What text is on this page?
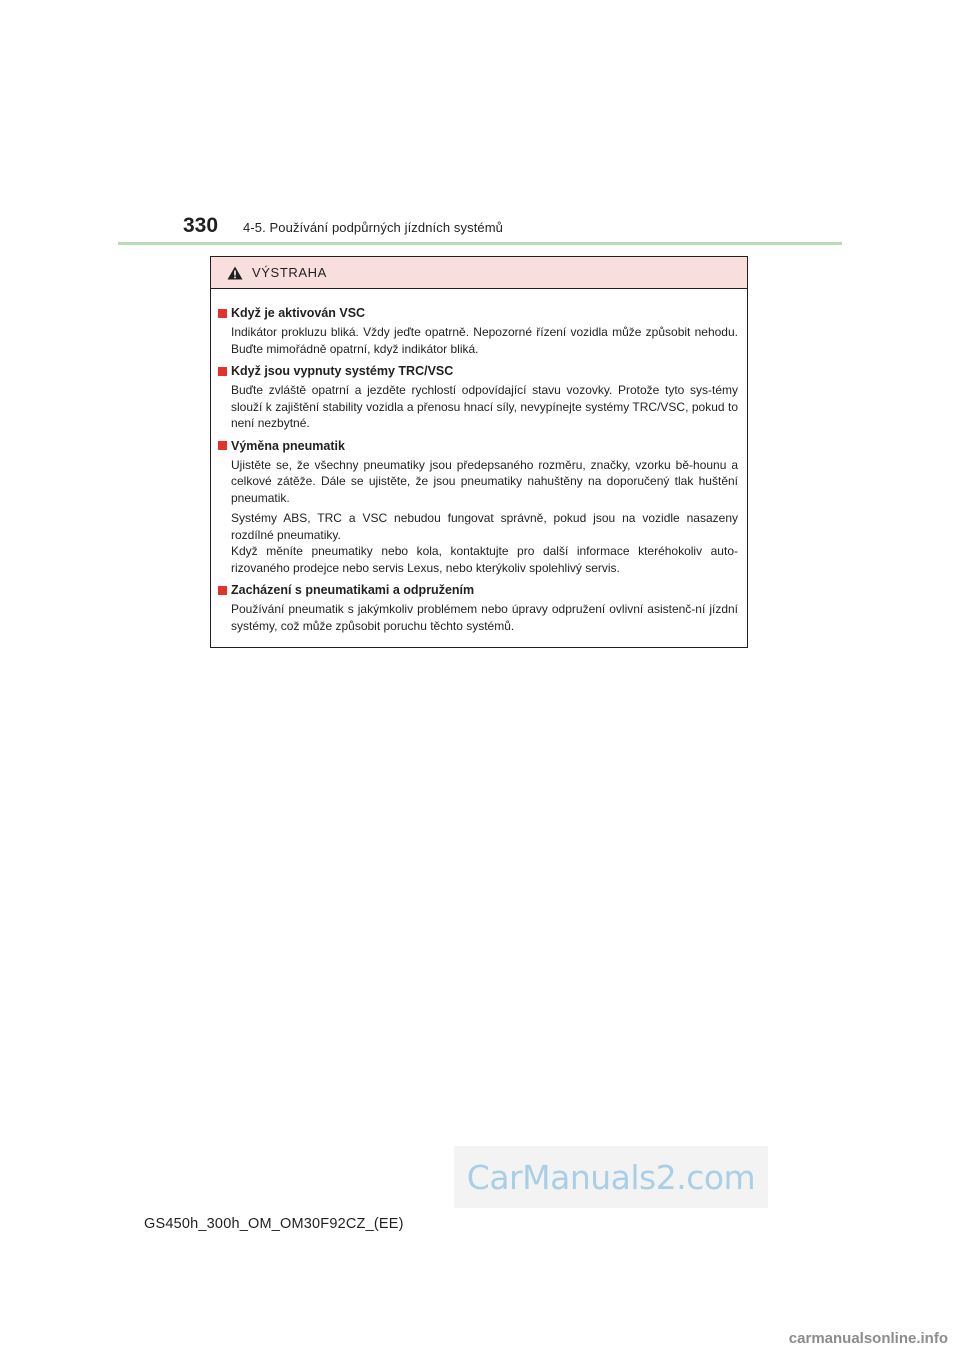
330	4-5. Používání podpůrných jízdních systémů
VÝSTRAHA
Když je aktivován VSC

Indikátor prokluzu bliká. Vždy jeďte opatrně. Nepozorné řízení vozidla může způsobit nehodu. Buďte mimořádně opatrní, když indikátor bliká.

Když jsou vypnuty systémy TRC/VSC

Buďte zvláště opatrní a jezděte rychlostí odpovídající stavu vozovky. Protože tyto sys-témy slouží k zajištění stability vozidla a přenosu hnací síly, nevypínejte systémy TRC/VSC, pokud to není nezbytné.

Výměna pneumatik

Ujistěte se, že všechny pneumatiky jsou předepsaného rozměru, značky, vzorku bě-hounu a celkové zátěže. Dále se ujistěte, že jsou pneumatiky nahuštěny na doporučený tlak huštění pneumatik.

Systémy ABS, TRC a VSC nebudou fungovat správně, pokud jsou na vozidle nasazeny rozdílné pneumatiky.

Když měníte pneumatiky nebo kola, kontaktujte pro další informace kteréhokoliv auto-rizovaného prodejce nebo servis Lexus, nebo kterýkoliv spolehlivý servis.

Zacházení s pneumatikami a odpružením

Používání pneumatik s jakýmkoliv problémem nebo úpravy odpružení ovlivní asistenč-ní jízdní systémy, což může způsobit poruchu těchto systémů.

CarManuals2.com
GS450h_300h_OM_OM30F92CZ_(EE)
carmanualsonline.info
